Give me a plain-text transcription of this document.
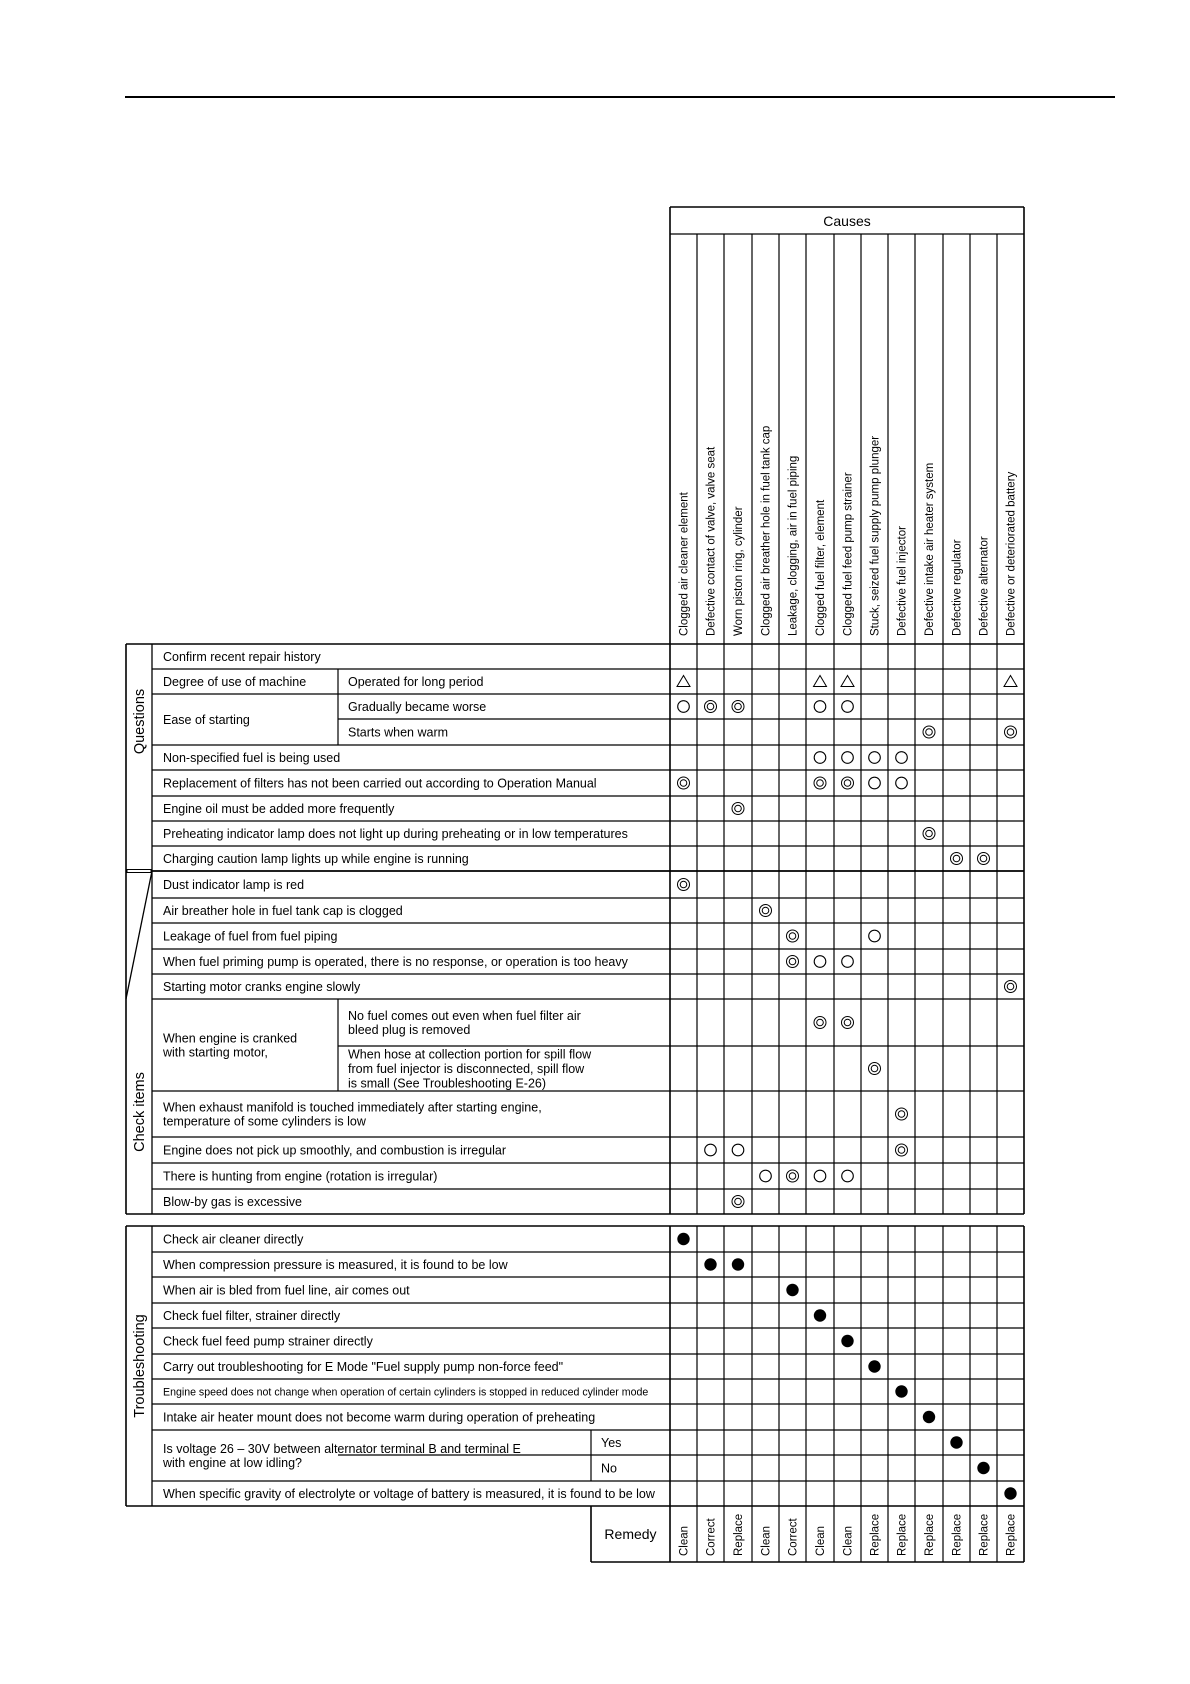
Causes
Clogged air cleaner element Defective contact of valve, valve seat Worn piston ring, cylinder Clogged air breather hole in fuel tank cap Leakage, clogging, air in fuel piping Clogged fuel filter, element Clogged fuel feed pump strainer Stuck, seized fuel supply pump plunger Defective fuel injector Defective intake air heater system Defective regulator Defective alternator Defective or deteriorated battery
Confirm recent repair history
Degree of use of machine	Operated for long period
Ease of starting
Gradually became worse
Starts when warm
Non-specified fuel is being used
Replacement of filters has not been carried out according to Operation Manual
Engine oil must be added more frequently
Preheating indicator lamp does not light up during preheating or in low temperatures
Charging caution lamp lights up while engine is running
Dust indicator lamp is red
Air breather hole in fuel tank cap is clogged
Leakage of fuel from fuel piping
When fuel priming pump is operated, there is no response, or operation is too heavy
Starting motor cranks engine slowly
When engine is cranked with starting motor,
No fuel comes out even when fuel filter air bleed plug is removed
When hose at collection portion for spill flow from fuel injector is disconnected, spill flow is small (See Troubleshooting E-26)
When exhaust manifold is touched immediately after starting engine, temperature of some cylinders is low
Engine does not pick up smoothly, and combustion is irregular
There is hunting from engine (rotation is irregular)
Blow-by gas is excessive
Questions
Check items
Check air cleaner directly
When compression pressure is measured, it is found to be low
When air is bled from fuel line, air comes out
Check fuel filter, strainer directly
Check fuel feed pump strainer directly
Carry out troubleshooting for E Mode "Fuel supply pump non-force feed"
Engine speed does not change when operation of certain cylinders is stopped in reduced cylinder mode
Intake air heater mount does not become warm during operation of preheating
Is voltage 26 – 30V between alternator terminal B and terminal E with engine at low idling?
Yes
No
When specific gravity of electrolyte or voltage of battery is measured, it is found to be low
Troubleshooting
Remedy Clean Correct Replace Clean Correct Clean Clean Replace Replace Replace Replace Replace Replace
